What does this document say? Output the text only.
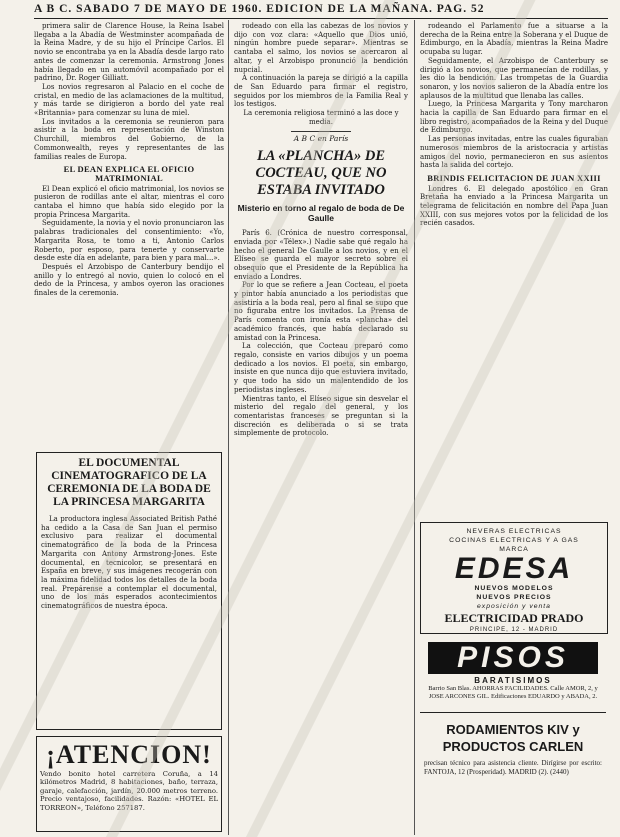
A B C. SABADO 7 DE MAYO DE 1960. EDICION DE LA MAÑANA. PAG. 52

primera salir de Clarence House, la Reina Isabel llegaba a la Abadía de Westminster acompañada de la Reina Madre, y de su hijo el Príncipe Carlos. El novio se encontraba ya en la Abadía desde largo rato antes de comenzar la ceremonia. Armstrong Jones había llegado en un automóvil acompañado por el padrino, Dr. Roger Gilliatt.

Los novios regresaron al Palacio en el coche de cristal, en medio de las aclamaciones de la multitud, y más tarde se dirigieron a bordo del yate real «Britannia» para comenzar su luna de miel.

Los invitados a la ceremonia se reunieron para asistir a la boda en representación de Winston Churchill, miembros del Gobierno, de la Commonwealth, reyes y representantes de las familias reales de Europa.

EL DEAN EXPLICA EL OFICIO MATRIMONIAL

El Dean explicó el oficio matrimonial, los novios se pusieron de rodillas ante el altar, mientras el coro cantaba el himno que había sido elegido por la propia Princesa Margarita.

Seguidamente, la novia y el novio pronunciaron las palabras tradicionales del consentimiento: «Yo, Margarita Rosa, te tomo a ti, Antonio Carlos Roberto, por esposo, para tenerte y conservarte desde este día en adelante, para bien y para mal...».

Después el Arzobispo de Canterbury bendijo el anillo y lo entregó al novio, quien lo colocó en el dedo de la Princesa, y ambos oyeron las oraciones finales de la ceremonia.

EL DOCUMENTAL CINEMATOGRAFICO DE LA CEREMONIA DE LA BODA DE LA PRINCESA MARGARITA
La productora inglesa Associated British Pathé ha cedido a la Casa de San Juan el permiso exclusivo para realizar el documental cinematográfico de la boda de la Princesa Margarita con Antony Armstrong-Jones. Este documental, en tecnicolor, se presentará en España en breve, y sus imágenes recogerán con la máxima fidelidad todos los detalles de la boda real. Prepárense a contemplar el documental, uno de los más esperados acontecimientos cinematográficos de nuestra época.
¡ATENCION!
Vendo bonito hotel carretera Coruña, a 14 kilómetros Madrid, 8 habitaciones, baño, terraza, garaje, calefacción, jardín, 20.000 metros terreno. Precio ventajoso, facilidades. Razón: «HOTEL EL TORREON», Teléfono 257187.

rodeado con ella las cabezas de los novios y dijo con voz clara: «Aquello que Dios unió, ningún hombre puede separar». Mientras se cantaba el salmo, los novios se acercaron al altar, y el Arzobispo pronunció la bendición nupcial.

A continuación la pareja se dirigió a la capilla de San Eduardo para firmar el registro, seguidos por los miembros de la Familia Real y los testigos.

La ceremonia religiosa terminó a las doce y media.

A B C en París
LA «PLANCHA» DE COCTEAU, QUE NO ESTABA INVITADO
Misterio en torno al regalo de boda de De Gaulle

París 6. (Crónica de nuestro corresponsal, enviada por «Télex».) Nadie sabe qué regalo ha hecho el general De Gaulle a los novios, y en el Elíseo se guarda el mayor secreto sobre el obsequio que el Presidente de la República ha enviado a Londres.

Por lo que se refiere a Jean Cocteau, el poeta y pintor había anunciado a los periodistas que asistiría a la boda real, pero al final se supo que no figuraba entre los invitados. La Prensa de París comenta con ironía esta «plancha» del académico francés, que había declarado su amistad con la Princesa.

La colección, que Cocteau preparó como regalo, consiste en varios dibujos y un poema dedicado a los novios. El poeta, sin embargo, insiste en que nunca dijo que estuviera invitado, y que todo ha sido un malentendido de los periodistas ingleses.

Mientras tanto, el Elíseo sigue sin desvelar el misterio del regalo del general, y los comentaristas franceses se preguntan si la discreción es deliberada o si se trata simplemente de protocolo.

rodeando el Parlamento fue a situarse a la derecha de la Reina entre la Soberana y el Duque de Edimburgo, en la Abadía, mientras la Reina Madre ocupaba su lugar.

Seguidamente, el Arzobispo de Canterbury se dirigió a los novios, que permanecían de rodillas, y les dio la bendición. Las trompetas de la Guardia sonaron, y los novios salieron de la Abadía entre los aplausos de la multitud que llenaba las calles.

Luego, la Princesa Margarita y Tony marcharon hacia la capilla de San Eduardo para firmar en el libro registro, acompañados de la Reina y del Duque de Edimburgo.

Las personas invitadas, entre las cuales figuraban numerosos miembros de la aristocracia y artistas amigos del novio, permanecieron en sus asientos hasta la salida del cortejo.

BRINDIS FELICITACION DE JUAN XXIII

Londres 6. El delegado apostólico en Gran Bretaña ha enviado a la Princesa Margarita un telegrama de felicitación en nombre del Papa Juan XXIII, con sus mejores votos por la felicidad de los recién casados.

NEVERAS ELECTRICAS
COCINAS ELECTRICAS Y A GAS
MARCA
EDESA
NUEVOS MODELOS
NUEVOS PRECIOS
exposición y venta
ELECTRICIDAD PRADO
PRINCIPE, 12 - MADRID
PISOS
BARATISIMOS
Barrio San Blas. AHORRAS FACILIDADES. Calle AMOR, 2, y JOSE ARCONES GIL. Edificaciones EDUARDO y ABADA, 2.
RODAMIENTOS KIV y PRODUCTOS CARLEN
precisan técnico para asistencia cliente. Dirígirse por escrito: FANTOJA, 12 (Prosperidad). MADRID (2). (2440)
